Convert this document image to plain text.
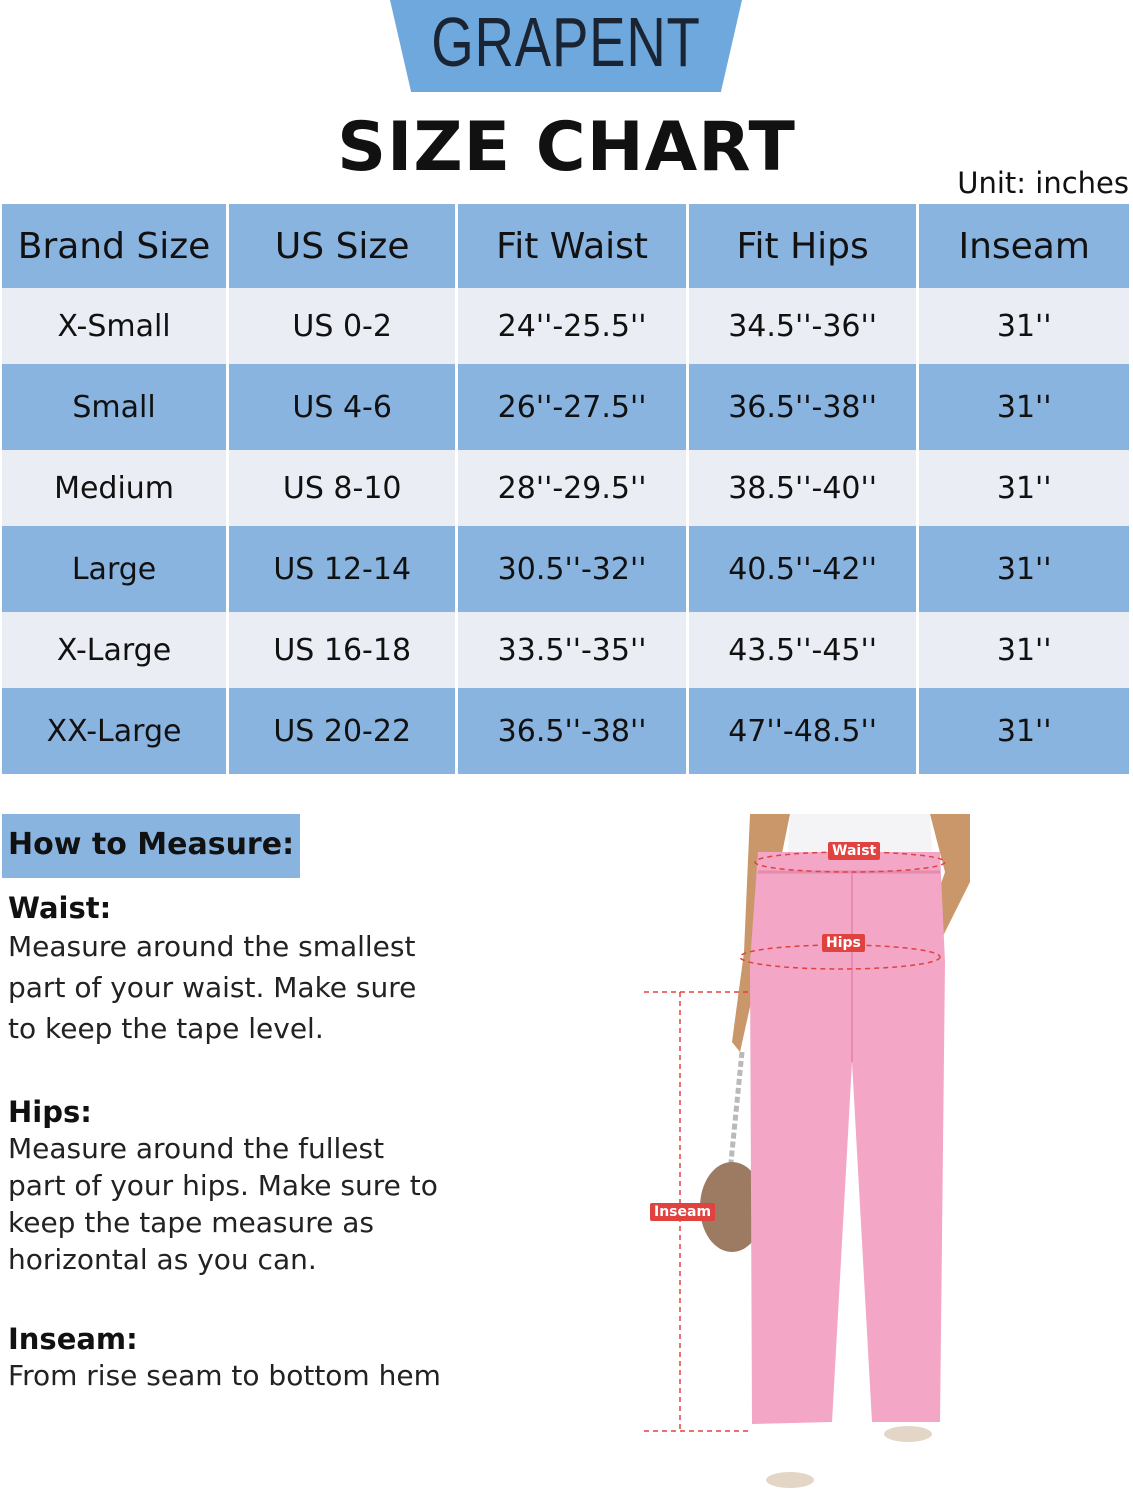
GRAPENT
SIZE CHART	Unit: inches
Brand Size	US Size	Fit Waist	Fit Hips	Inseam
X-Small	US 0-2	24''-25.5''	34.5''-36''	31''
Small	US 4-6	26''-27.5''	36.5''-38''	31''
Medium	US 8-10	28''-29.5''	38.5''-40''	31''
Large	US 12-14	30.5''-32''	40.5''-42''	31''
X-Large	US 16-18	33.5''-35''	43.5''-45''	31''
XX-Large	US 20-22	36.5''-38''	47''-48.5''	31''
How to Measure:
Waist:

Measure around the smallest part of your waist. Make sure to keep the tape level.

Hips:

Measure around the fullest part of your hips. Make sure to keep the tape measure as horizontal as you can.

Inseam:

From rise seam to bottom hem

Waist
Hips
Inseam
